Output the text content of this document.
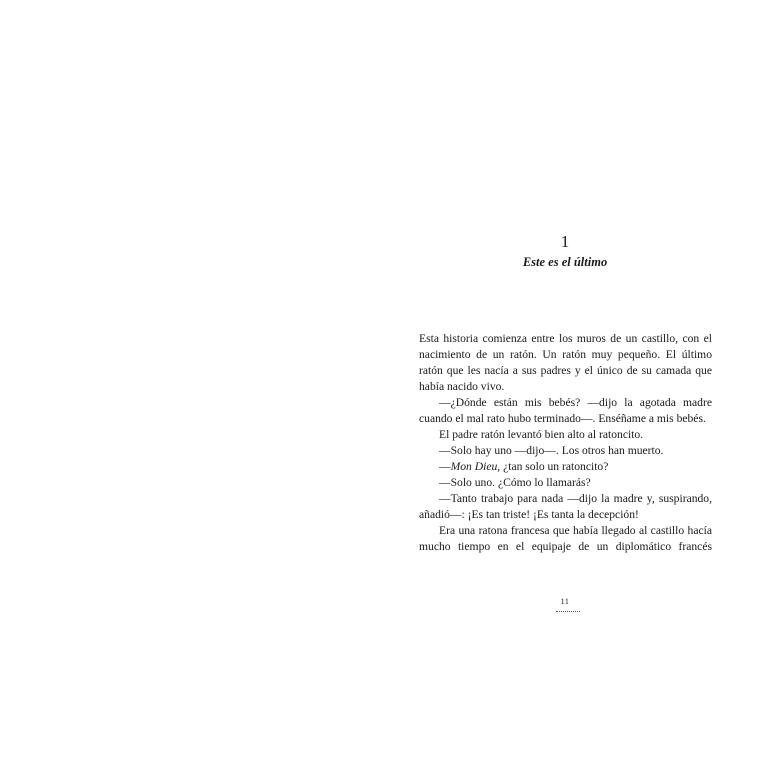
1
Este es el último

Esta historia comienza entre los muros de un castillo, con el nacimiento de un ratón. Un ratón muy pequeño. El último ratón que les nacía a sus padres y el único de su camada que había nacido vivo.

—¿Dónde están mis bebés? —dijo la agotada madre cuando el mal rato hubo terminado—. Enséñame a mis bebés.

El padre ratón levantó bien alto al ratoncito.

—Solo hay uno —dijo—. Los otros han muerto.

—Mon Dieu, ¿tan solo un ratoncito?

—Solo uno. ¿Cómo lo llamarás?

—Tanto trabajo para nada —dijo la madre y, suspirando, añadió—: ¡Es tan triste! ¡Es tanta la decepción!

Era una ratona francesa que había llegado al castillo hacía mucho tiempo en el equipaje de un diplomático francés

11
